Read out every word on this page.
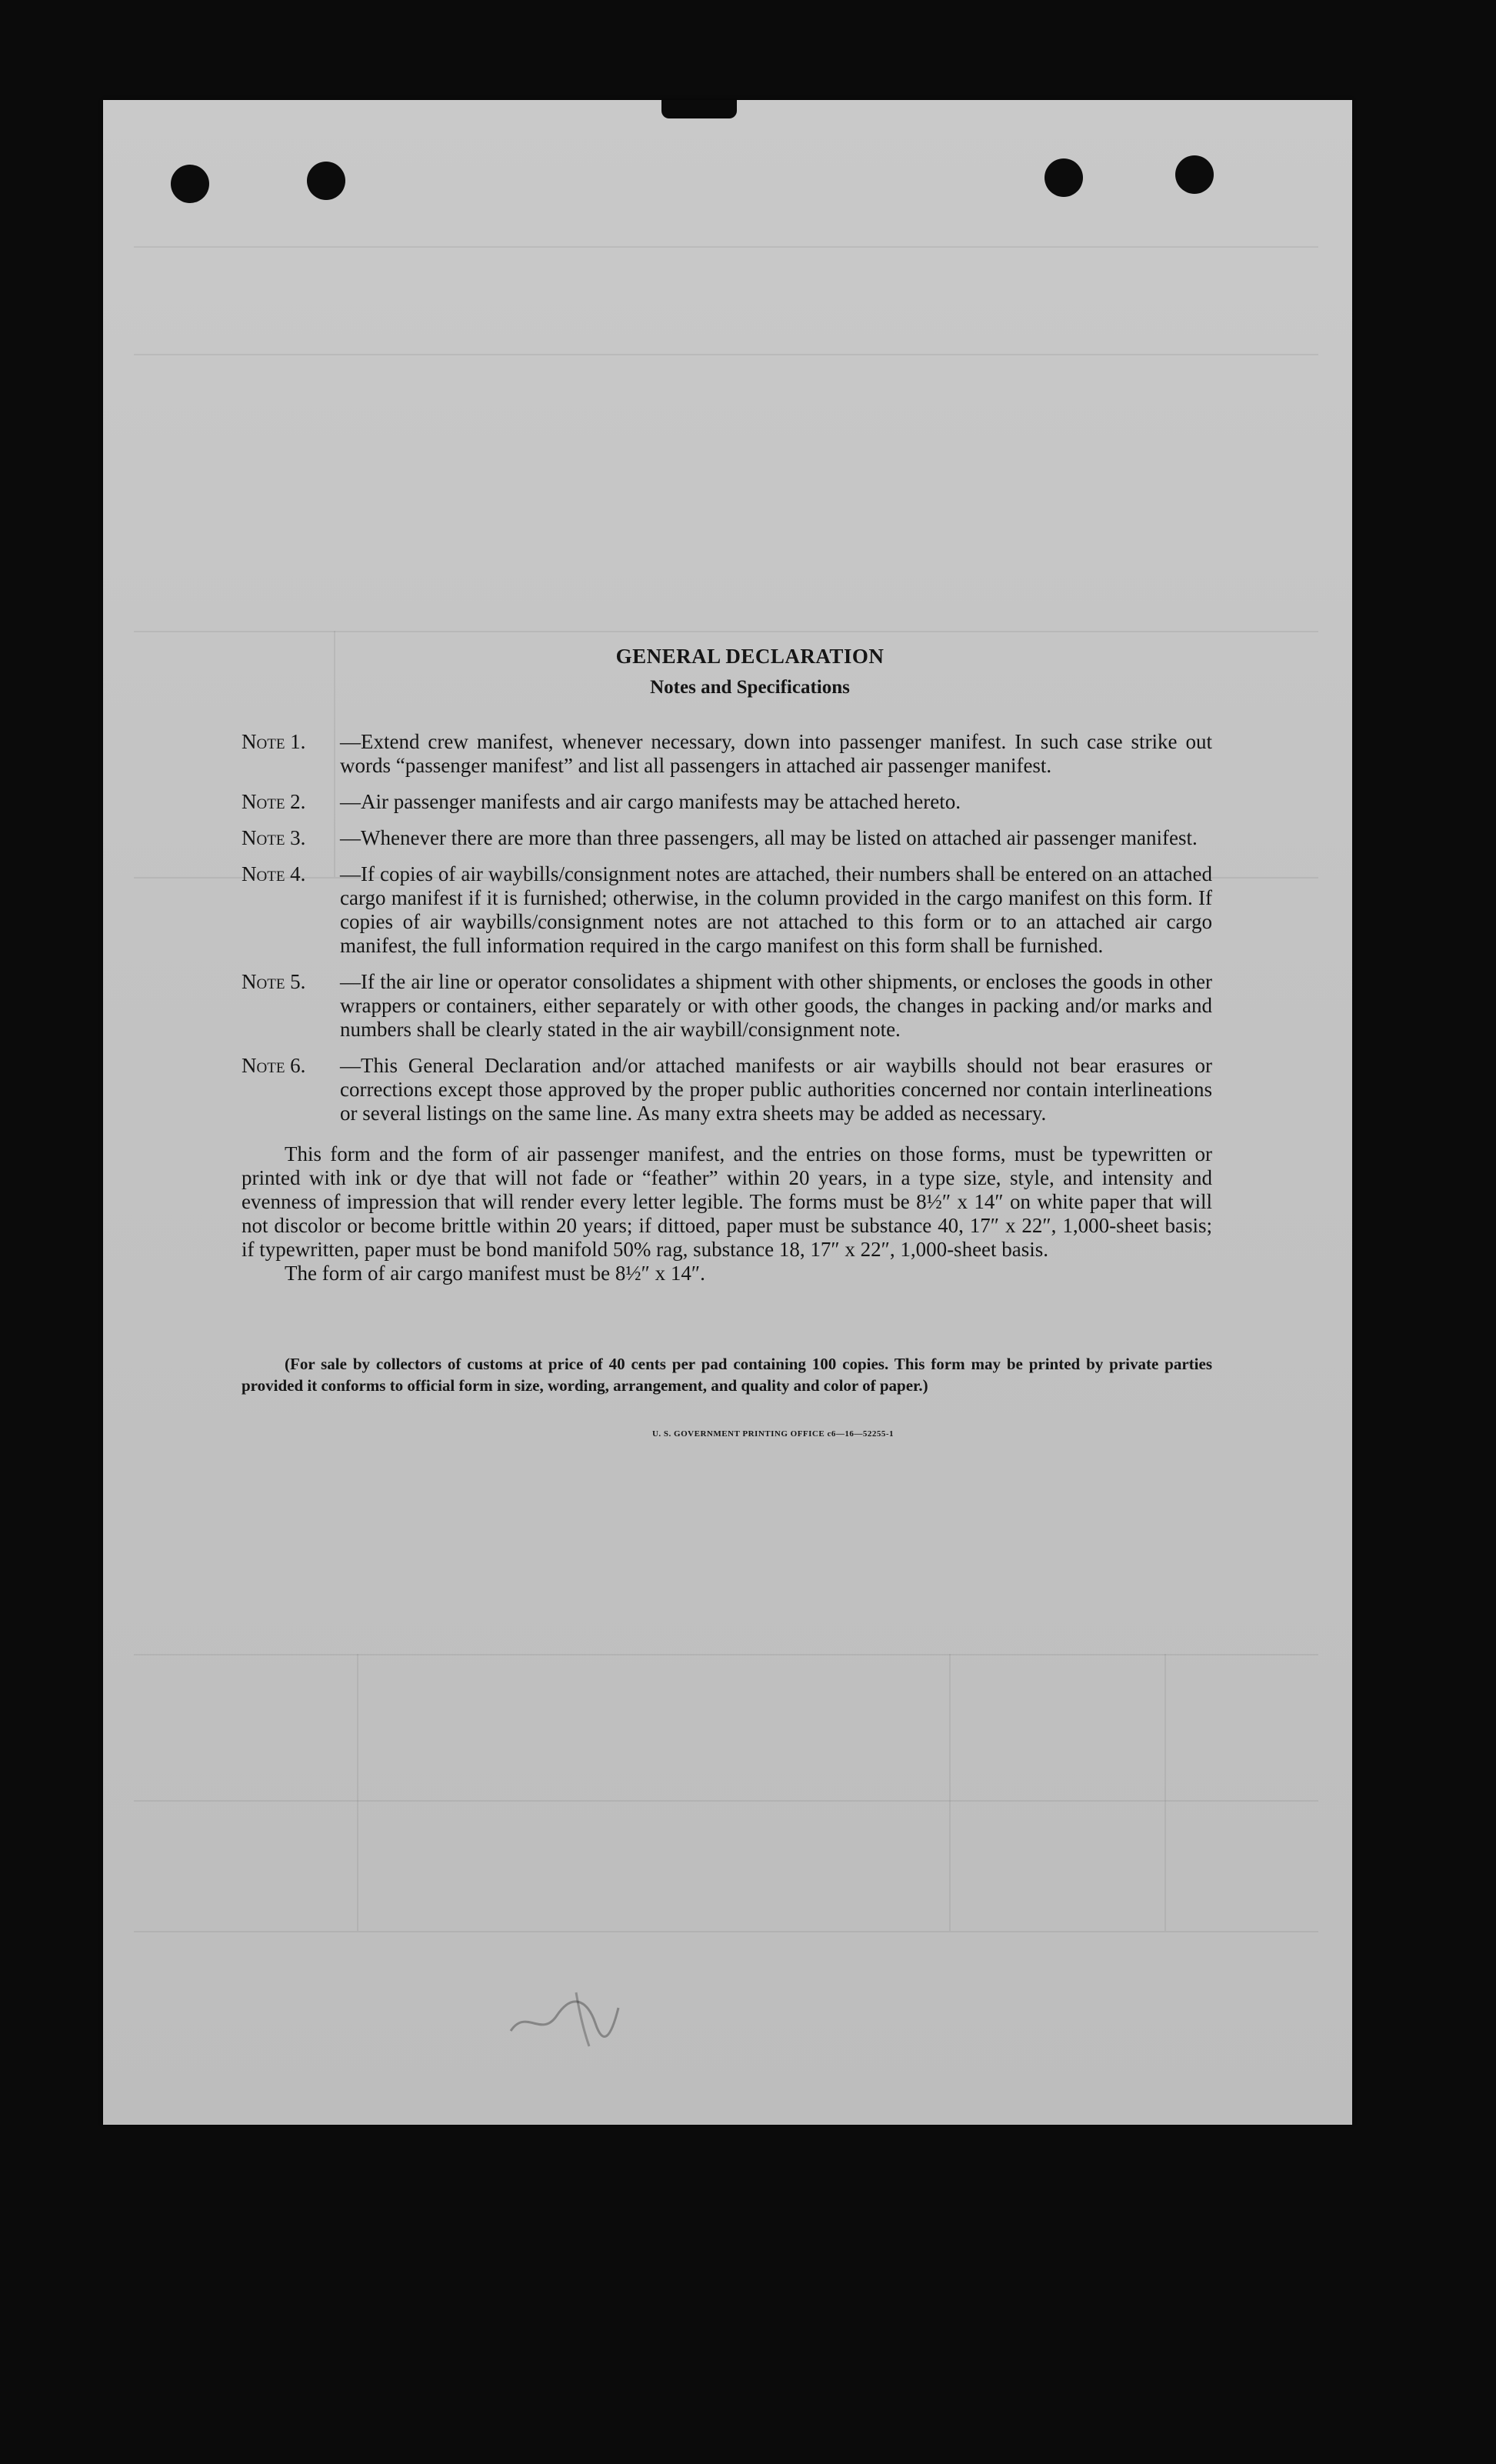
GENERAL DECLARATION
Notes and Specifications
Note 1.	—Extend crew manifest, whenever necessary, down into passenger manifest. In such case strike out words “passenger manifest” and list all passengers in attached air passenger manifest.
Note 2.	—Air passenger manifests and air cargo manifests may be attached hereto.
Note 3.	—Whenever there are more than three passengers, all may be listed on attached air passenger manifest.
Note 4.	—If copies of air waybills/consignment notes are attached, their numbers shall be entered on an attached cargo manifest if it is furnished; otherwise, in the column provided in the cargo manifest on this form. If copies of air waybills/consignment notes are not attached to this form or to an attached air cargo manifest, the full information required in the cargo manifest on this form shall be furnished.
Note 5.	—If the air line or operator consolidates a shipment with other shipments, or encloses the goods in other wrappers or containers, either separately or with other goods, the changes in packing and/or marks and numbers shall be clearly stated in the air waybill/consignment note.
Note 6.	—This General Declaration and/or attached manifests or air waybills should not bear erasures or corrections except those approved by the proper public authorities concerned nor contain interlineations or several listings on the same line. As many extra sheets may be added as necessary.
This form and the form of air passenger manifest, and the entries on those forms, must be typewritten or printed with ink or dye that will not fade or “feather” within 20 years, in a type size, style, and intensity and evenness of impression that will render every letter legible. The forms must be 8½″ x 14″ on white paper that will not discolor or become brittle within 20 years; if dittoed, paper must be substance 40, 17″ x 22″, 1,000-sheet basis; if typewritten, paper must be bond manifold 50% rag, substance 18, 17″ x 22″, 1,000-sheet basis.
The form of air cargo manifest must be 8½″ x 14″.
(For sale by collectors of customs at price of 40 cents per pad containing 100 copies. This form may be printed by private parties provided it conforms to official form in size, wording, arrangement, and quality and color of paper.)
U. S. GOVERNMENT PRINTING OFFICE c6—16—52255-1
